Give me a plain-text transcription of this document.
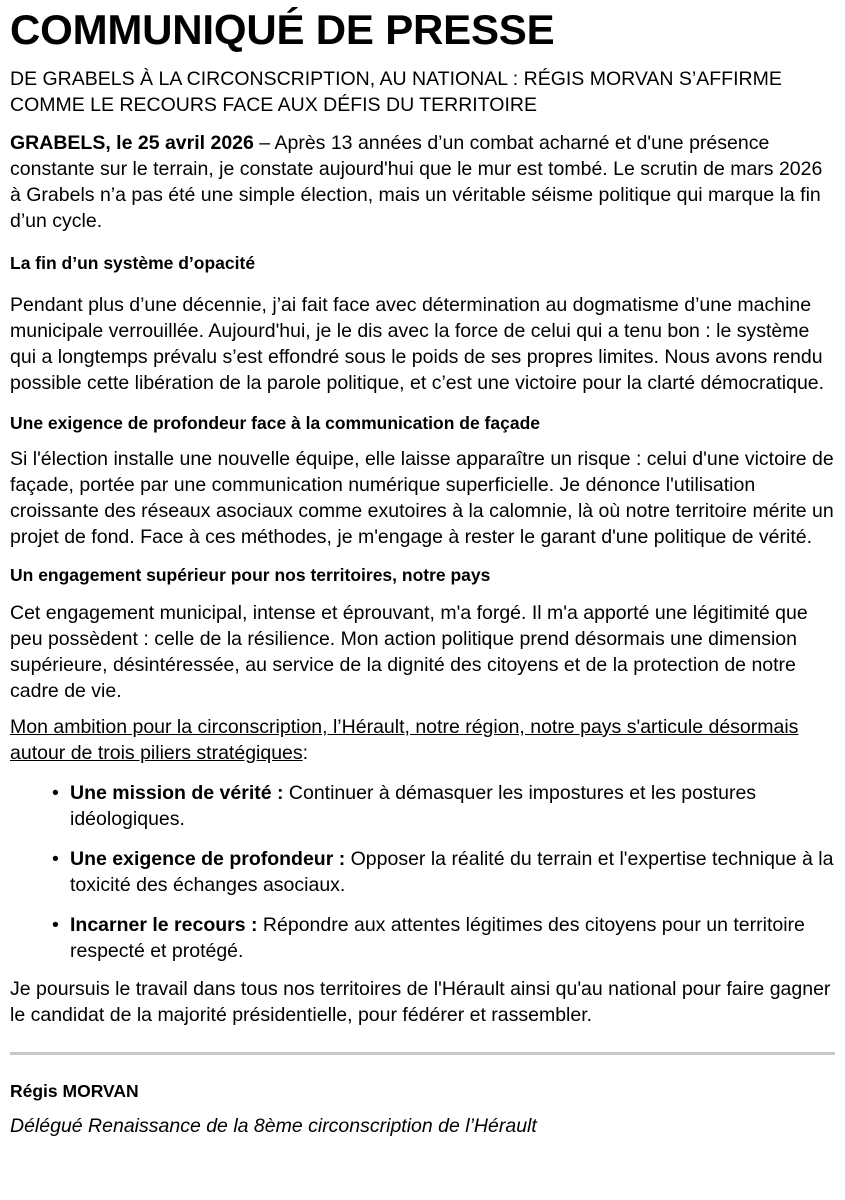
COMMUNIQUÉ DE PRESSE

DE GRABELS À LA CIRCONSCRIPTION, AU NATIONAL : RÉGIS MORVAN S’AFFIRME COMME LE RECOURS FACE AUX DÉFIS DU TERRITOIRE

GRABELS, le 25 avril 2026 – Après 13 années d’un combat acharné et d'une présence constante sur le terrain, je constate aujourd'hui que le mur est tombé. Le scrutin de mars 2026 à Grabels n’a pas été une simple élection, mais un véritable séisme politique qui marque la fin d’un cycle.

La fin d’un système d’opacité

Pendant plus d’une décennie, j’ai fait face avec détermination au dogmatisme d’une machine municipale verrouillée. Aujourd'hui, je le dis avec la force de celui qui a tenu bon : le système qui a longtemps prévalu s’est effondré sous le poids de ses propres limites. Nous avons rendu possible cette libération de la parole politique, et c’est une victoire pour la clarté démocratique.

Une exigence de profondeur face à la communication de façade

Si l'élection installe une nouvelle équipe, elle laisse apparaître un risque : celui d'une victoire de façade, portée par une communication numérique superficielle. Je dénonce l'utilisation croissante des réseaux asociaux comme exutoires à la calomnie, là où notre territoire mérite un projet de fond. Face à ces méthodes, je m'engage à rester le garant d'une politique de vérité.

Un engagement supérieur pour nos territoires, notre pays

Cet engagement municipal, intense et éprouvant, m'a forgé. Il m'a apporté une légitimité que peu possèdent : celle de la résilience. Mon action politique prend désormais une dimension supérieure, désintéressée, au service de la dignité des citoyens et de la protection de notre cadre de vie.

Mon ambition pour la circonscription, l’Hérault, notre région, notre pays s'articule désormais autour de trois piliers stratégiques:

• Une mission de vérité : Continuer à démasquer les impostures et les postures idéologiques.
• Une exigence de profondeur : Opposer la réalité du terrain et l'expertise technique à la toxicité des échanges asociaux.
• Incarner le recours : Répondre aux attentes légitimes des citoyens pour un territoire respecté et protégé.

Je poursuis le travail dans tous nos territoires de l'Hérault ainsi qu'au national pour faire gagner le candidat de la majorité présidentielle, pour fédérer et rassembler.

Régis MORVAN

Délégué Renaissance de la 8ème circonscription de l’Hérault
